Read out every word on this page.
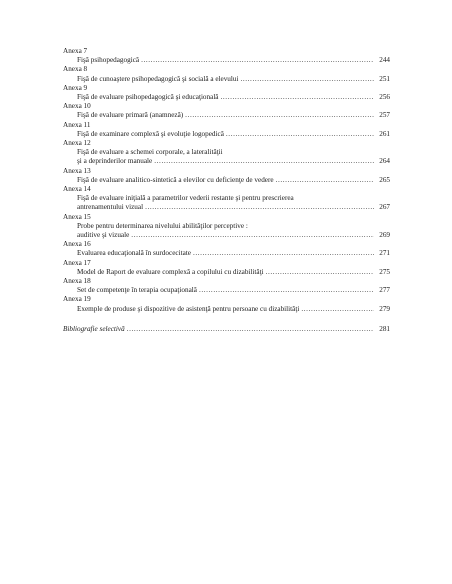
Anexa 7
Fişă psihopedagogică .....	244
Anexa 8
Fişă de cunoaştere psihopedagogică şi socială a elevului .....	251
Anexa 9
Fişă de evaluare psihopedagogică şi educaţională .....	256
Anexa 10
Fişă de evaluare primară (anamneză) .....	257
Anexa 11
Fişă de examinare complexă şi evoluţie logopedică .....	261
Anexa 12
Fişă de evaluare a schemei corporale, a lateralităţii
şi a deprinderilor manuale .....	264
Anexa 13
Fişă de evaluare analitico-sintetică a elevilor cu deficienţe de vedere .....	265
Anexa 14
Fişă de evaluare iniţială a parametrilor vederii restante şi pentru prescrierea
antrenamentului vizual .....	267
Anexa 15
Probe pentru determinarea nivelului abilităţilor perceptive :
auditive şi vizuale .....	269
Anexa 16
Evaluarea educaţională în surdocecitate .....	271
Anexa 17
Model de Raport de evaluare complexă a copilului cu dizabilităţi .....	275
Anexa 18
Set de competenţe în terapia ocupaţională .....	277
Anexa 19
Exemple de produse şi dispozitive de asistenţă pentru persoane cu dizabilităţi .....	279
Bibliografie selectivă .....	281
